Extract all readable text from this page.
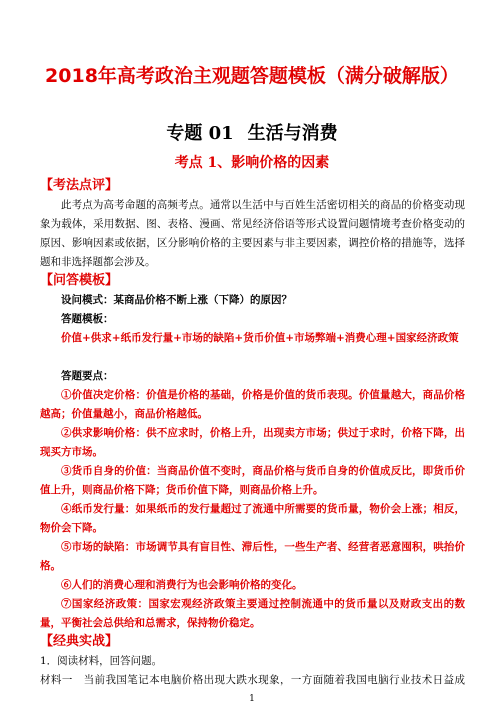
2018年高考政治主观题答题模板（满分破解版）
专题 01 生活与消费
考点 1、影响价格的因素
【考法点评】
此考点为高考命题的高频考点。通常以生活中与百姓生活密切相关的商品的价格变动现象为载体，采用数据、图、表格、漫画、常见经济俗语等形式设置问题情境考查价格变动的原因、影响因素或依据，区分影响价格的主要因素与非主要因素，调控价格的措施等，选择题和非选择题都会涉及。
【问答模板】
设问模式：某商品价格不断上涨（下降）的原因？
答题模板：
价值+供求+纸币发行量+市场的缺陷+货币价值+市场弊端+消费心理+国家经济政策
答题要点：
①价值决定价格：价值是价格的基础，价格是价值的货币表现。价值量越大，商品价格越高；价值量越小，商品价格越低。
②供求影响价格：供不应求时，价格上升，出现卖方市场；供过于求时，价格下降，出现买方市场。
③货币自身的价值：当商品价值不变时，商品价格与货币自身的价值成反比，即货币价值上升，则商品价格下降；货币价值下降，则商品价格上升。
④纸币发行量：如果纸币的发行量超过了流通中所需要的货币量，物价会上涨；相反，物价会下降。
⑤市场的缺陷：市场调节具有盲目性、滞后性，一些生产者、经营者恶意囤积，哄抬价格。
⑥人们的消费心理和消费行为也会影响价格的变化。
⑦国家经济政策：国家宏观经济政策主要通过控制流通中的货币量以及财政支出的数量，平衡社会总供给和总需求，保持物价稳定。
【经典实战】
1．阅读材料，回答问题。
材料一　当前我国笔记本电脑价格出现大跌水现象，一方面随着我国电脑行业技术日益成
1
